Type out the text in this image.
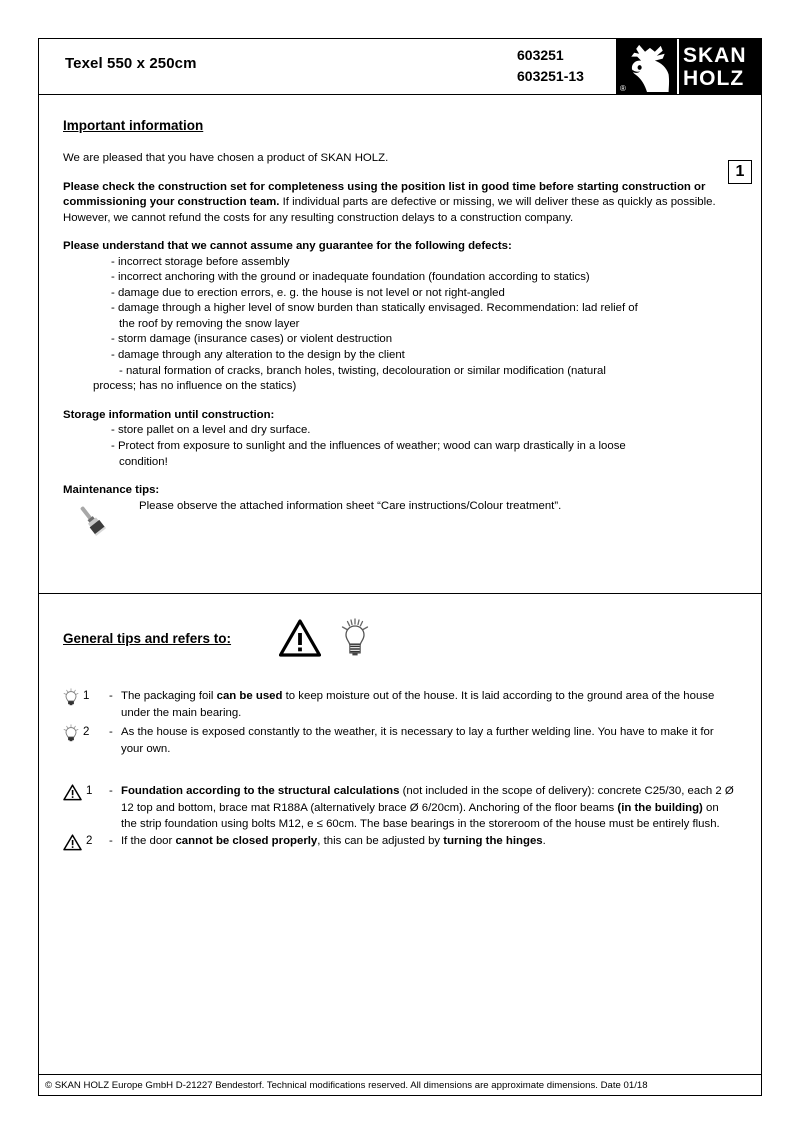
Texel 550 x 250cm	603251
603251-13
®
SKAN
HOLZ
1
Important information

We are pleased that you have chosen a product of SKAN HOLZ.

Please check the construction set for completeness using the position list in good time before starting construction or commissioning your construction team. If individual parts are defective or missing, we will deliver these as quickly as possible. However, we cannot refund the costs for any resulting construction delays to a construction company.

Please understand that we cannot assume any guarantee for the following defects:

- incorrect storage before assembly
- incorrect anchoring with the ground or inadequate foundation (foundation according to statics)
- damage due to erection errors, e. g. the house is not level or not right-angled
- damage through a higher level of snow burden than statically envisaged. Recommendation: lad relief of
the roof by removing the snow layer
- storm damage (insurance cases) or violent destruction
- damage through any alteration to the design by the client
- natural formation of cracks, branch holes, twisting, decolouration or similar modification (natural
process; has no influence on the statics)

Storage information until construction:

- store pallet on a level and dry surface.
- Protect from exposure to sunlight and the influences of weather; wood can warp drastically in a loose
condition!

Maintenance tips:

Please observe the attached information sheet “Care instructions/Colour treatment”.
General tips and refers to:
1 - The packaging foil can be used to keep moisture out of the house. It is laid according to the ground area of the house under the main bearing.

2 - As the house is exposed constantly to the weather, it is necessary to lay a further welding line. You have to make it for your own.

1 - Foundation according to the structural calculations (not included in the scope of delivery): concrete C25/30, each 2 Ø 12 top and bottom, brace mat R188A (alternatively brace Ø 6/20cm). Anchoring of the floor beams (in the building) on the strip foundation using bolts M12, e ≤ 60cm. The base bearings in the storeroom of the house must be entirely flush.

2 - If the door cannot be closed properly, this can be adjusted by turning the hinges.

© SKAN HOLZ Europe GmbH D-21227 Bendestorf. Technical modifications reserved. All dimensions are approximate dimensions. Date 01/18
